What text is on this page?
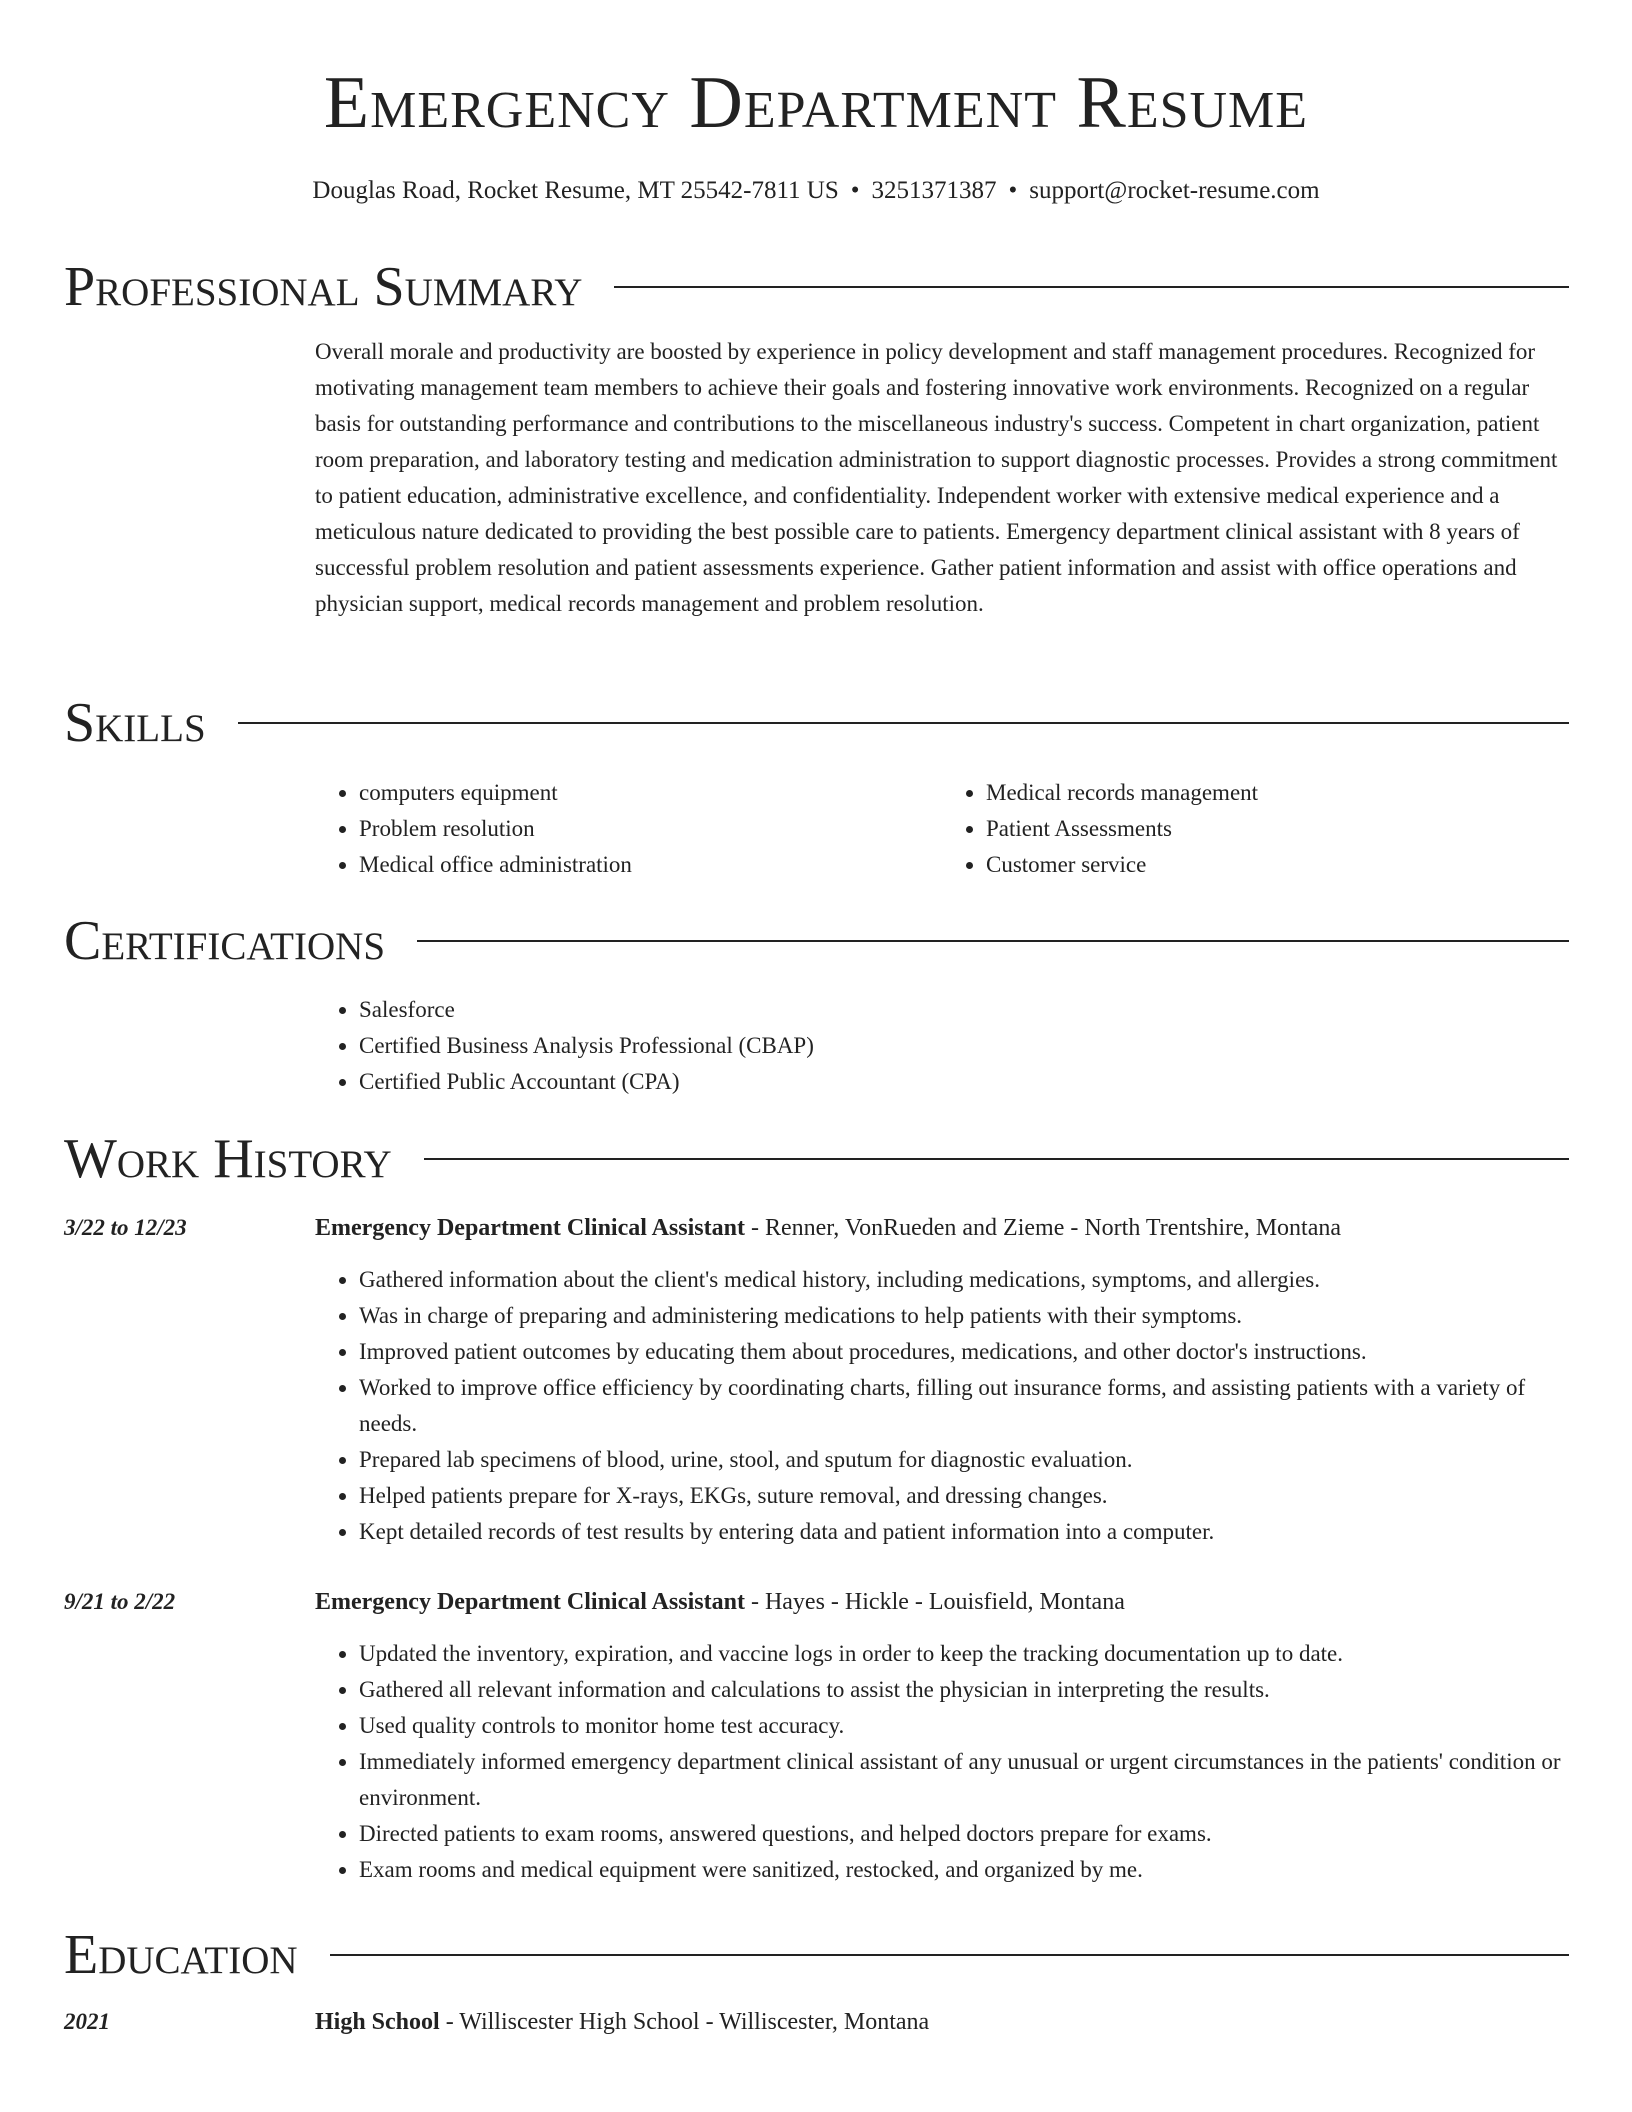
Emergency Department Resume
Douglas Road, Rocket Resume, MT 25542-7811 US • 3251371387 • support@rocket-resume.com
Professional Summary

Overall morale and productivity are boosted by experience in policy development and staff management procedures. Recognized for motivating management team members to achieve their goals and fostering innovative work environments. Recognized on a regular basis for outstanding performance and contributions to the miscellaneous industry's success. Competent in chart organization, patient room preparation, and laboratory testing and medication administration to support diagnostic processes. Provides a strong commitment to patient education, administrative excellence, and confidentiality. Independent worker with extensive medical experience and a meticulous nature dedicated to providing the best possible care to patients. Emergency department clinical assistant with 8 years of successful problem resolution and patient assessments experience. Gather patient information and assist with office operations and physician support, medical records management and problem resolution.

Skills
• computers equipment
• Problem resolution
• Medical office administration
• Medical records management
• Patient Assessments
• Customer service
Certifications
• Salesforce
• Certified Business Analysis Professional (CBAP)
• Certified Public Accountant (CPA)
Work History
3/22 to 12/23	Emergency Department Clinical Assistant - Renner, VonRueden and Zieme - North Trentshire, Montana
• Gathered information about the client's medical history, including medications, symptoms, and allergies.
• Was in charge of preparing and administering medications to help patients with their symptoms.
• Improved patient outcomes by educating them about procedures, medications, and other doctor's instructions.
• Worked to improve office efficiency by coordinating charts, filling out insurance forms, and assisting patients with a variety of needs.
• Prepared lab specimens of blood, urine, stool, and sputum for diagnostic evaluation.
• Helped patients prepare for X-rays, EKGs, suture removal, and dressing changes.
• Kept detailed records of test results by entering data and patient information into a computer.
9/21 to 2/22	Emergency Department Clinical Assistant - Hayes - Hickle - Louisfield, Montana
• Updated the inventory, expiration, and vaccine logs in order to keep the tracking documentation up to date.
• Gathered all relevant information and calculations to assist the physician in interpreting the results.
• Used quality controls to monitor home test accuracy.
• Immediately informed emergency department clinical assistant of any unusual or urgent circumstances in the patients' condition or environment.
• Directed patients to exam rooms, answered questions, and helped doctors prepare for exams.
• Exam rooms and medical equipment were sanitized, restocked, and organized by me.
Education
2021	High School - Williscester High School - Williscester, Montana
